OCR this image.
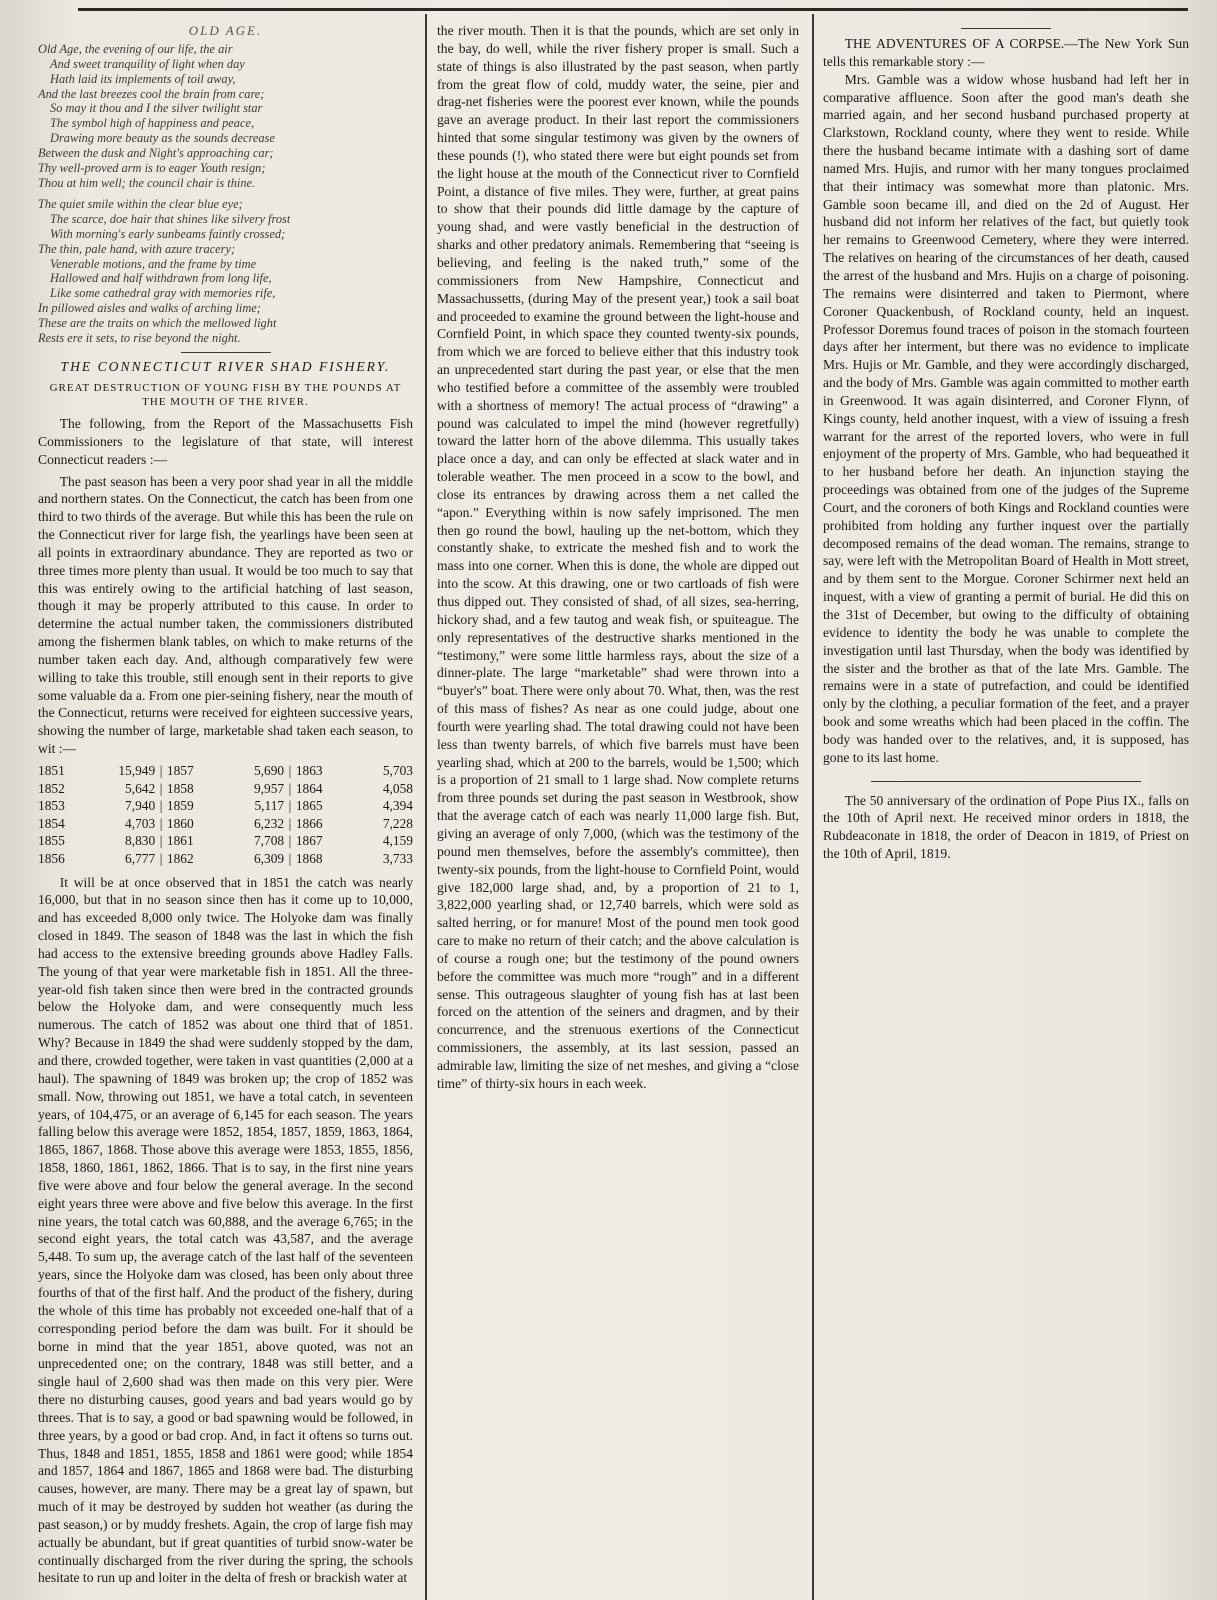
OLD AGE.
Old Age, the evening of our life, the air
And sweet tranquility of light when day
Hath laid its implements of toil away,
And the last breezes cool the brain from care;
So may it thou and I the silver twilight star
The symbol high of happiness and peace,
Drawing more beauty as the sounds decrease
Between the dusk and Night's approaching car;
Thy well-proved arm is to eager Youth resign;
Thou at him well; the council chair is thine.
The quiet smile within the clear blue eye;
The scarce, doe hair that shines like silvery frost
With morning's early sunbeams faintly crossed;
The thin, pale hand, with azure tracery;
Venerable motions, and the frame by time
Hallowed and half withdrawn from long life,
Like some cathedral gray with memories rife,
In pillowed aisles and walks of arching lime;
These are the traits on which the mellowed light
Rests ere it sets, to rise beyond the night.
THE CONNECTICUT RIVER SHAD FISHERY.
GREAT DESTRUCTION OF YOUNG FISH BY THE POUNDS AT THE MOUTH OF THE RIVER.

The following, from the Report of the Massachusetts Fish Commissioners to the legislature of that state, will interest Connecticut readers :—

The past season has been a very poor shad year in all the middle and northern states. On the Connecticut, the catch has been from one third to two thirds of the average. But while this has been the rule on the Connecticut river for large fish, the yearlings have been seen at all points in extraordinary abundance. They are reported as two or three times more plenty than usual. It would be too much to say that this was entirely owing to the artificial hatching of last season, though it may be properly attributed to this cause. In order to determine the actual number taken, the commissioners distributed among the fishermen blank tables, on which to make returns of the number taken each day. And, although comparatively few were willing to take this trouble, still enough sent in their reports to give some valuable da a. From one pier-seining fishery, near the mouth of the Connecticut, returns were received for eighteen successive years, showing the number of large, marketable shad taken each season, to wit :—

1851	15,949	|	1857	5,690	|	1863	5,703
1852	5,642	|	1858	9,957	|	1864	4,058
1853	7,940	|	1859	5,117	|	1865	4,394
1854	4,703	|	1860	6,232	|	1866	7,228
1855	8,830	|	1861	7,708	|	1867	4,159
1856	6,777	|	1862	6,309	|	1868	3,733

It will be at once observed that in 1851 the catch was nearly 16,000, but that in no season since then has it come up to 10,000, and has exceeded 8,000 only twice. The Holyoke dam was finally closed in 1849. The season of 1848 was the last in which the fish had access to the extensive breeding grounds above Hadley Falls. The young of that year were marketable fish in 1851. All the three-year-old fish taken since then were bred in the contracted grounds below the Holyoke dam, and were consequently much less numerous. The catch of 1852 was about one third that of 1851. Why? Because in 1849 the shad were suddenly stopped by the dam, and there, crowded together, were taken in vast quantities (2,000 at a haul). The spawning of 1849 was broken up; the crop of 1852 was small. Now, throwing out 1851, we have a total catch, in seventeen years, of 104,475, or an average of 6,145 for each season. The years falling below this average were 1852, 1854, 1857, 1859, 1863, 1864, 1865, 1867, 1868. Those above this average were 1853, 1855, 1856, 1858, 1860, 1861, 1862, 1866. That is to say, in the first nine years five were above and four below the general average. In the second eight years three were above and five below this average. In the first nine years, the total catch was 60,888, and the average 6,765; in the second eight years, the total catch was 43,587, and the average 5,448. To sum up, the average catch of the last half of the seventeen years, since the Holyoke dam was closed, has been only about three fourths of that of the first half. And the product of the fishery, during the whole of this time has probably not exceeded one-half that of a corresponding period before the dam was built. For it should be borne in mind that the year 1851, above quoted, was not an unprecedented one; on the contrary, 1848 was still better, and a single haul of 2,600 shad was then made on this very pier. Were there no disturbing causes, good years and bad years would go by threes. That is to say, a good or bad spawning would be followed, in three years, by a good or bad crop. And, in fact it oftens so turns out. Thus, 1848 and 1851, 1855, 1858 and 1861 were good; while 1854 and 1857, 1864 and 1867, 1865 and 1868 were bad. The disturbing causes, however, are many. There may be a great lay of spawn, but much of it may be destroyed by sudden hot weather (as during the past season,) or by muddy freshets. Again, the crop of large fish may actually be abundant, but if great quantities of turbid snow-water be continually discharged from the river during the spring, the schools hesitate to run up and loiter in the delta of fresh or brackish water at

the river mouth. Then it is that the pounds, which are set only in the bay, do well, while the river fishery proper is small. Such a state of things is also illustrated by the past season, when partly from the great flow of cold, muddy water, the seine, pier and drag-net fisheries were the poorest ever known, while the pounds gave an average product. In their last report the commissioners hinted that some singular testimony was given by the owners of these pounds (!), who stated there were but eight pounds set from the light house at the mouth of the Connecticut river to Cornfield Point, a distance of five miles. They were, further, at great pains to show that their pounds did little damage by the capture of young shad, and were vastly beneficial in the destruction of sharks and other predatory animals. Remembering that “seeing is believing, and feeling is the naked truth,” some of the commissioners from New Hampshire, Connecticut and Massachussetts, (during May of the present year,) took a sail boat and proceeded to examine the ground between the light-house and Cornfield Point, in which space they counted twenty-six pounds, from which we are forced to believe either that this industry took an unprecedented start during the past year, or else that the men who testified before a committee of the assembly were troubled with a shortness of memory! The actual process of “drawing” a pound was calculated to impel the mind (however regretfully) toward the latter horn of the above dilemma. This usually takes place once a day, and can only be effected at slack water and in tolerable weather. The men proceed in a scow to the bowl, and close its entrances by drawing across them a net called the “apon.” Everything within is now safely imprisoned. The men then go round the bowl, hauling up the net-bottom, which they constantly shake, to extricate the meshed fish and to work the mass into one corner. When this is done, the whole are dipped out into the scow. At this drawing, one or two cartloads of fish were thus dipped out. They consisted of shad, of all sizes, sea-herring, hickory shad, and a few tautog and weak fish, or spuiteague. The only representatives of the destructive sharks mentioned in the “testimony,” were some little harmless rays, about the size of a dinner-plate. The large “marketable” shad were thrown into a “buyer's” boat. There were only about 70. What, then, was the rest of this mass of fishes? As near as one could judge, about one fourth were yearling shad. The total drawing could not have been less than twenty barrels, of which five barrels must have been yearling shad, which at 200 to the barrels, would be 1,500; which is a proportion of 21 small to 1 large shad. Now complete returns from three pounds set during the past season in Westbrook, show that the average catch of each was nearly 11,000 large fish. But, giving an average of only 7,000, (which was the testimony of the pound men themselves, before the assembly's committee), then twenty-six pounds, from the light-house to Cornfield Point, would give 182,000 large shad, and, by a proportion of 21 to 1, 3,822,000 yearling shad, or 12,740 barrels, which were sold as salted herring, or for manure! Most of the pound men took good care to make no return of their catch; and the above calculation is of course a rough one; but the testimony of the pound owners before the committee was much more “rough” and in a different sense. This outrageous slaughter of young fish has at last been forced on the attention of the seiners and dragmen, and by their concurrence, and the strenuous exertions of the Connecticut commissioners, the assembly, at its last session, passed an admirable law, limiting the size of net meshes, and giving a “close time” of thirty-six hours in each week.

THE ADVENTURES OF A CORPSE.—The New York Sun tells this remarkable story :—

Mrs. Gamble was a widow whose husband had left her in comparative affluence. Soon after the good man's death she married again, and her second husband purchased property at Clarkstown, Rockland county, where they went to reside. While there the husband became intimate with a dashing sort of dame named Mrs. Hujis, and rumor with her many tongues proclaimed that their intimacy was somewhat more than platonic. Mrs. Gamble soon became ill, and died on the 2d of August. Her husband did not inform her relatives of the fact, but quietly took her remains to Greenwood Cemetery, where they were interred. The relatives on hearing of the circumstances of her death, caused the arrest of the husband and Mrs. Hujis on a charge of poisoning. The remains were disinterred and taken to Piermont, where Coroner Quackenbush, of Rockland county, held an inquest. Professor Doremus found traces of poison in the stomach fourteen days after her interment, but there was no evidence to implicate Mrs. Hujis or Mr. Gamble, and they were accordingly discharged, and the body of Mrs. Gamble was again committed to mother earth in Greenwood. It was again disinterred, and Coroner Flynn, of Kings county, held another inquest, with a view of issuing a fresh warrant for the arrest of the reported lovers, who were in full enjoyment of the property of Mrs. Gamble, who had bequeathed it to her husband before her death. An injunction staying the proceedings was obtained from one of the judges of the Supreme Court, and the coroners of both Kings and Rockland counties were prohibited from holding any further inquest over the partially decomposed remains of the dead woman. The remains, strange to say, were left with the Metropolitan Board of Health in Mott street, and by them sent to the Morgue. Coroner Schirmer next held an inquest, with a view of granting a permit of burial. He did this on the 31st of December, but owing to the difficulty of obtaining evidence to identity the body he was unable to complete the investigation until last Thursday, when the body was identified by the sister and the brother as that of the late Mrs. Gamble. The remains were in a state of putrefaction, and could be identified only by the clothing, a peculiar formation of the feet, and a prayer book and some wreaths which had been placed in the coffin. The body was handed over to the relatives, and, it is supposed, has gone to its last home.

The 50 anniversary of the ordination of Pope Pius IX., falls on the 10th of April next. He received minor orders in 1818, the Rubdeaconate in 1818, the order of Deacon in 1819, of Priest on the 10th of April, 1819.
